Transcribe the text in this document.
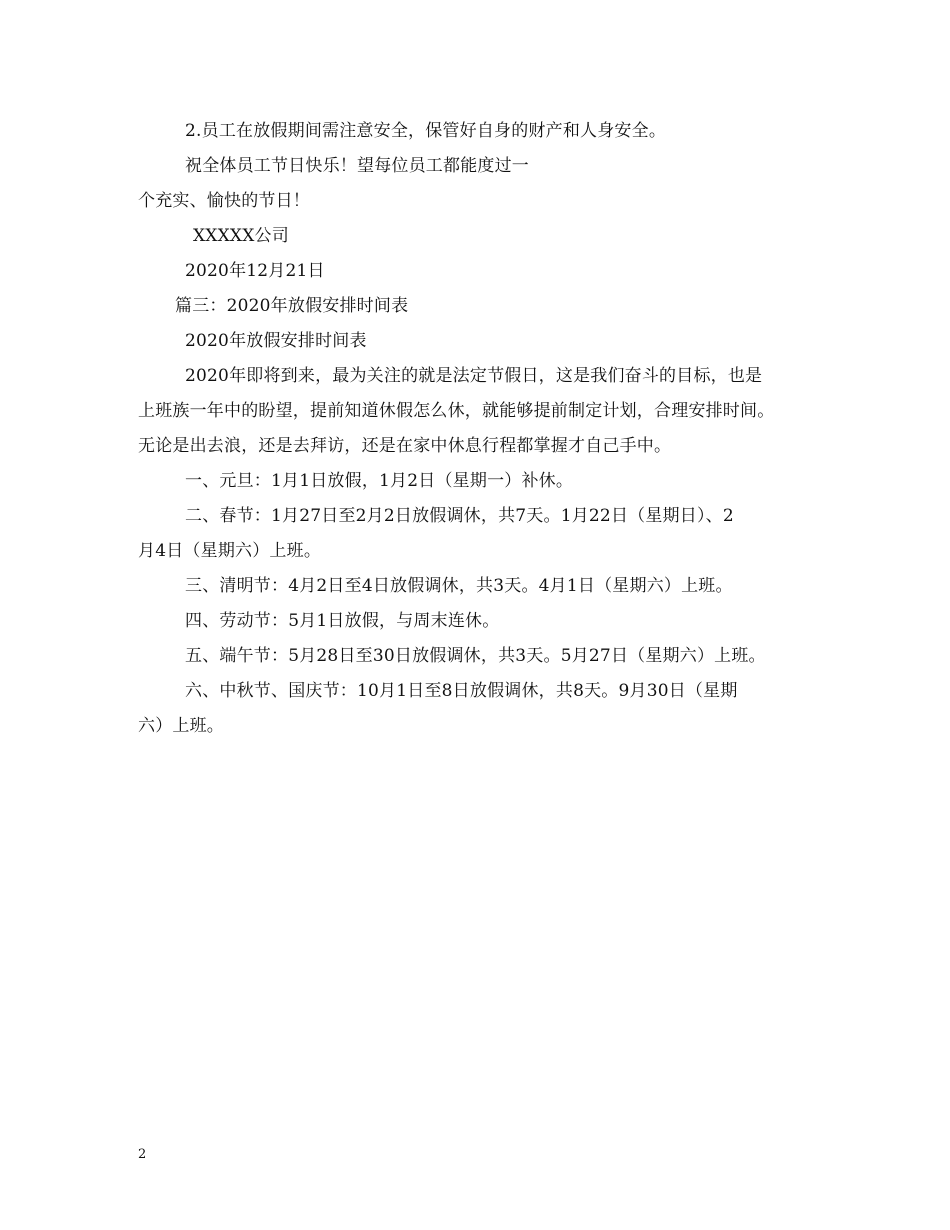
2.员工在放假期间需注意安全，保管好自身的财产和人身安全。
祝全体员工节日快乐！望每位员工都能度过一
个充实、愉快的节日！
XXXXX公司
2020年12月21日
篇三：2020年放假安排时间表
2020年放假安排时间表
2020年即将到来，最为关注的就是法定节假日，这是我们奋斗的目标，也是
上班族一年中的盼望，提前知道休假怎么休，就能够提前制定计划，合理安排时间。
无论是出去浪，还是去拜访，还是在家中休息行程都掌握才自己手中。
一、元旦：1月1日放假，1月2日（星期一）补休。
二、春节：1月27日至2月2日放假调休，共7天。1月22日（星期日）、2
月4日（星期六）上班。
三、清明节：4月2日至4日放假调休，共3天。4月1日（星期六）上班。
四、劳动节：5月1日放假，与周末连休。
五、端午节：5月28日至30日放假调休，共3天。5月27日（星期六）上班。
六、中秋节、国庆节：10月1日至8日放假调休，共8天。9月30日（星期
六）上班。
2
